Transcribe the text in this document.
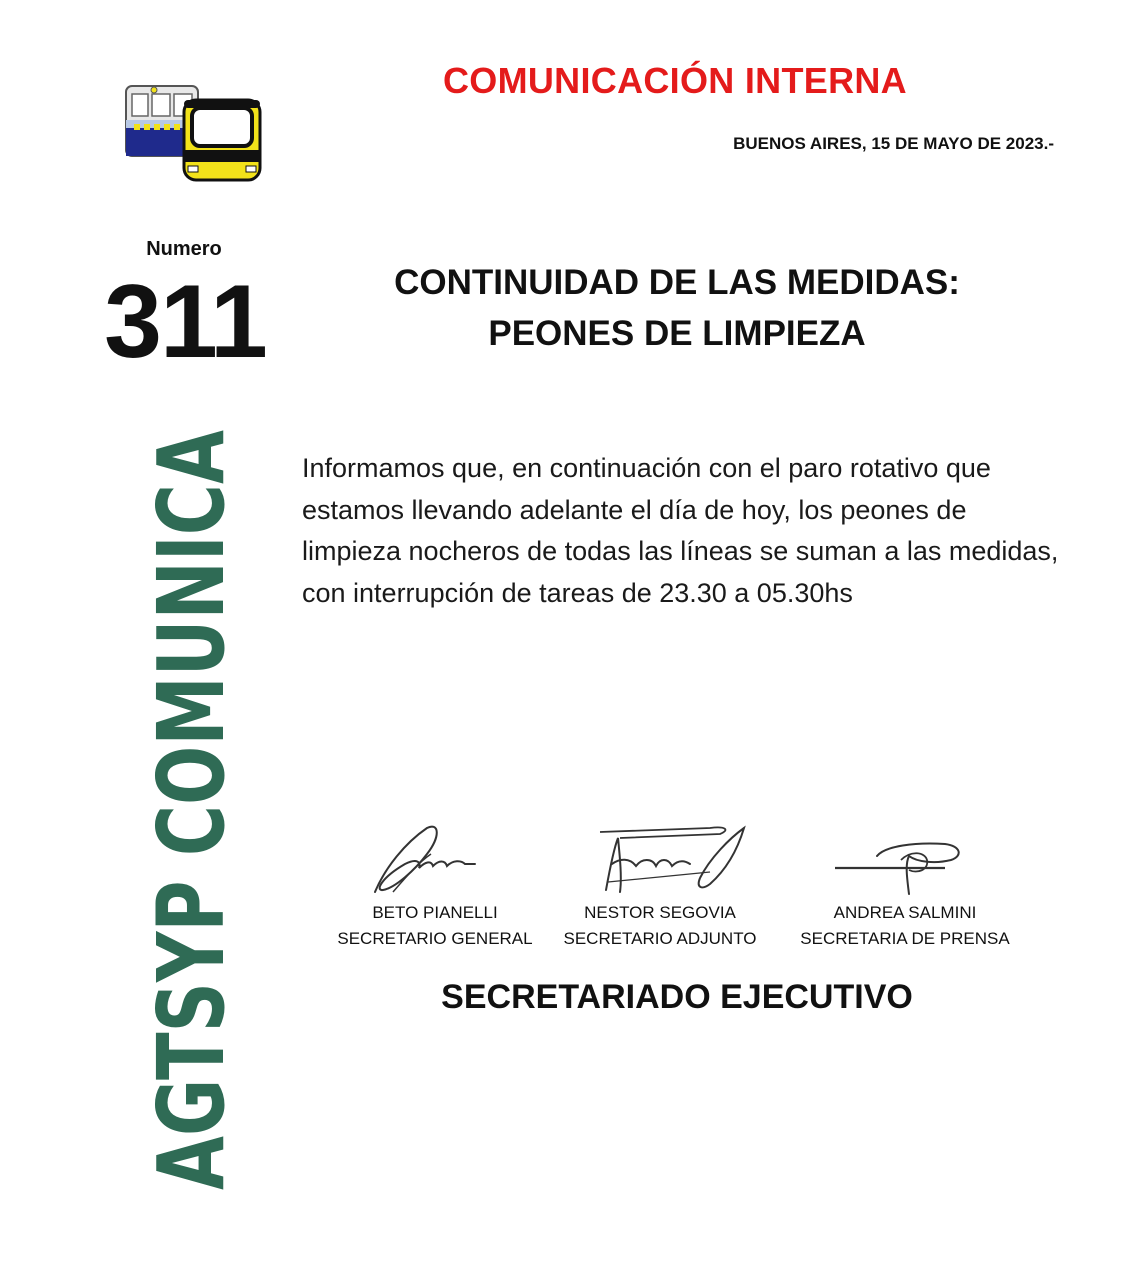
COMUNICACIÓN INTERNA
BUENOS AIRES, 15 DE MAYO DE 2023.-
Numero
311
AGTSYP COMU
CONTINUIDAD DE LAS MEDIDAS:
PEONES DE LIMPIEZA
Informamos que, en continuación con el paro rotativo que estamos llevando adelante el día de hoy, los peones de limpieza nocheros de todas las líneas se suman a las medidas, con interrupción de tareas de 23.30 a 05.30hs
BETO PIANELLI
SECRETARIO GENERAL
NESTOR SEGOVIA
SECRETARIO ADJUNTO
ANDREA SALMINI
SECRETARIA DE PRENSA
SECRETARIADO EJECUTIVO
